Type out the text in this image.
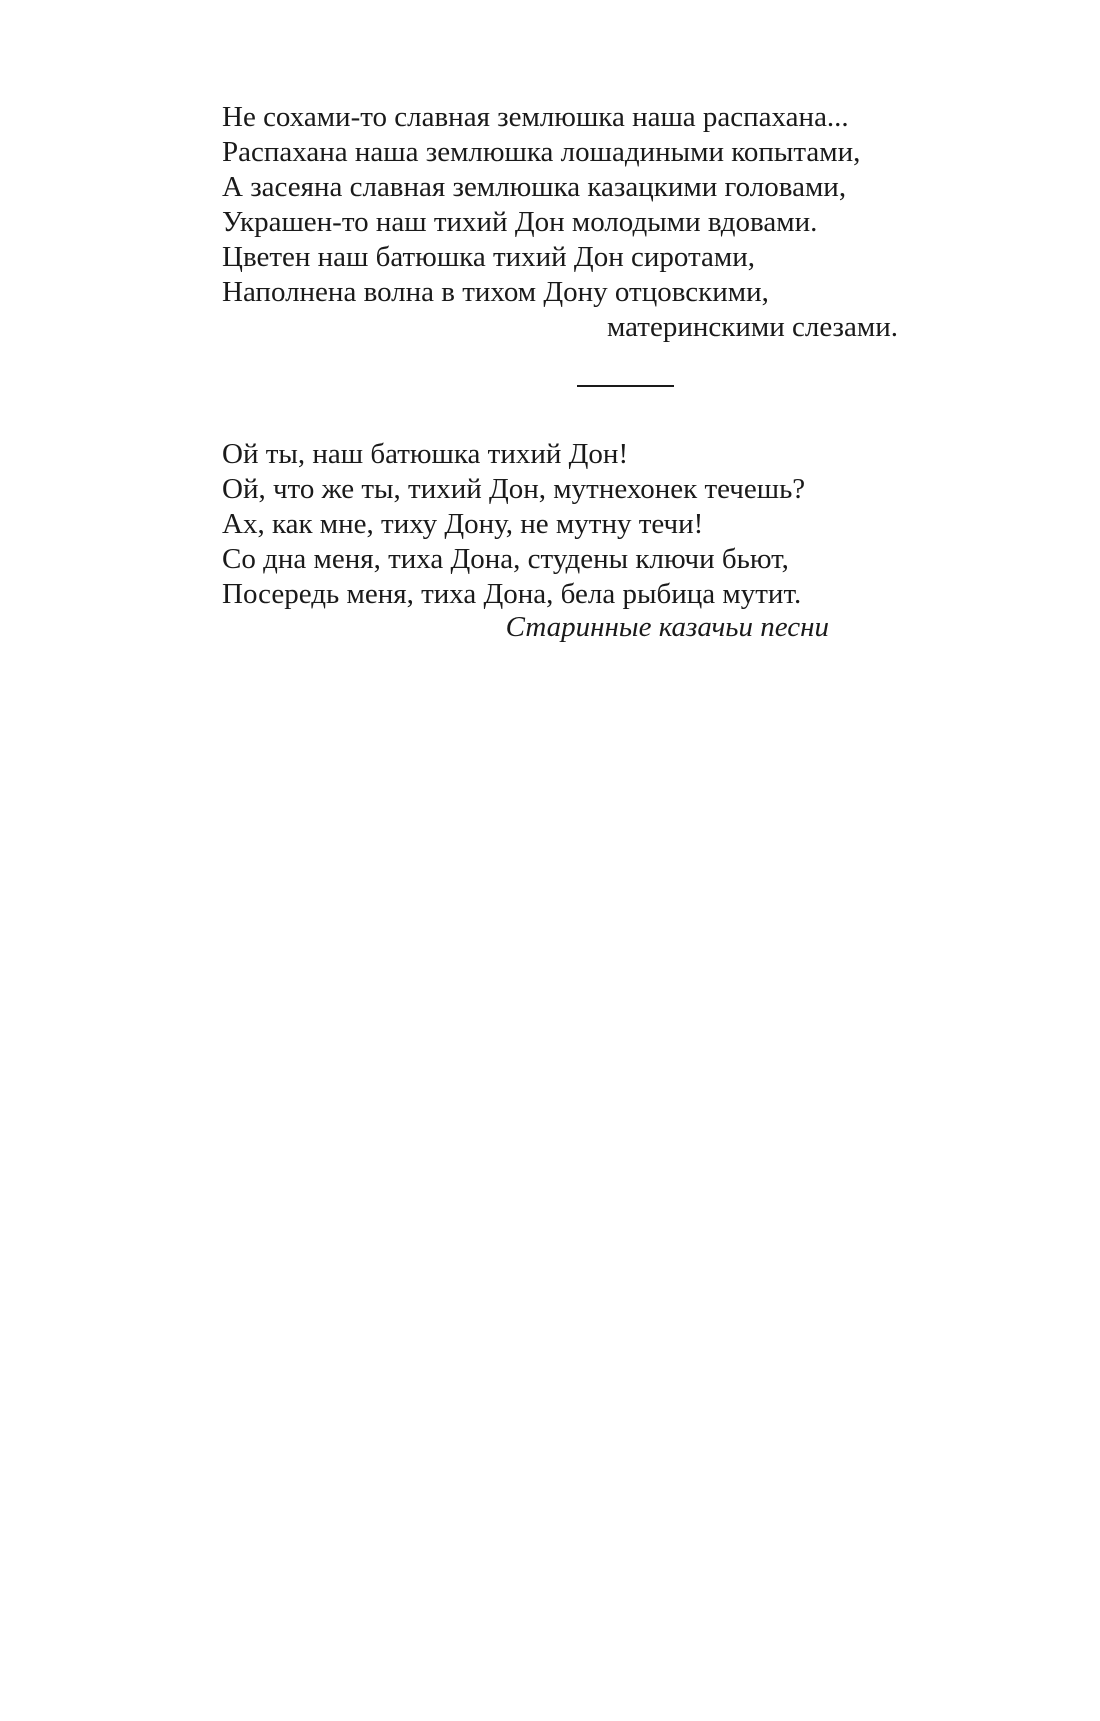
Не сохами-то славная землюшка наша распахана...
Распахана наша землюшка лошадиными копытами,
А засеяна славная землюшка казацкими головами,
Украшен-то наш тихий Дон молодыми вдовами.
Цветен наш батюшка тихий Дон сиротами,
Наполнена волна в тихом Дону отцовскими,
материнскими слезами.
Ой ты, наш батюшка тихий Дон!
Ой, что же ты, тихий Дон, мутнехонек течешь?
Ах, как мне, тиху Дону, не мутну течи!
Со дна меня, тиха Дона, студены ключи бьют,
Посередь меня, тиха Дона, бела рыбица мутит.
Старинные казачьи песни
